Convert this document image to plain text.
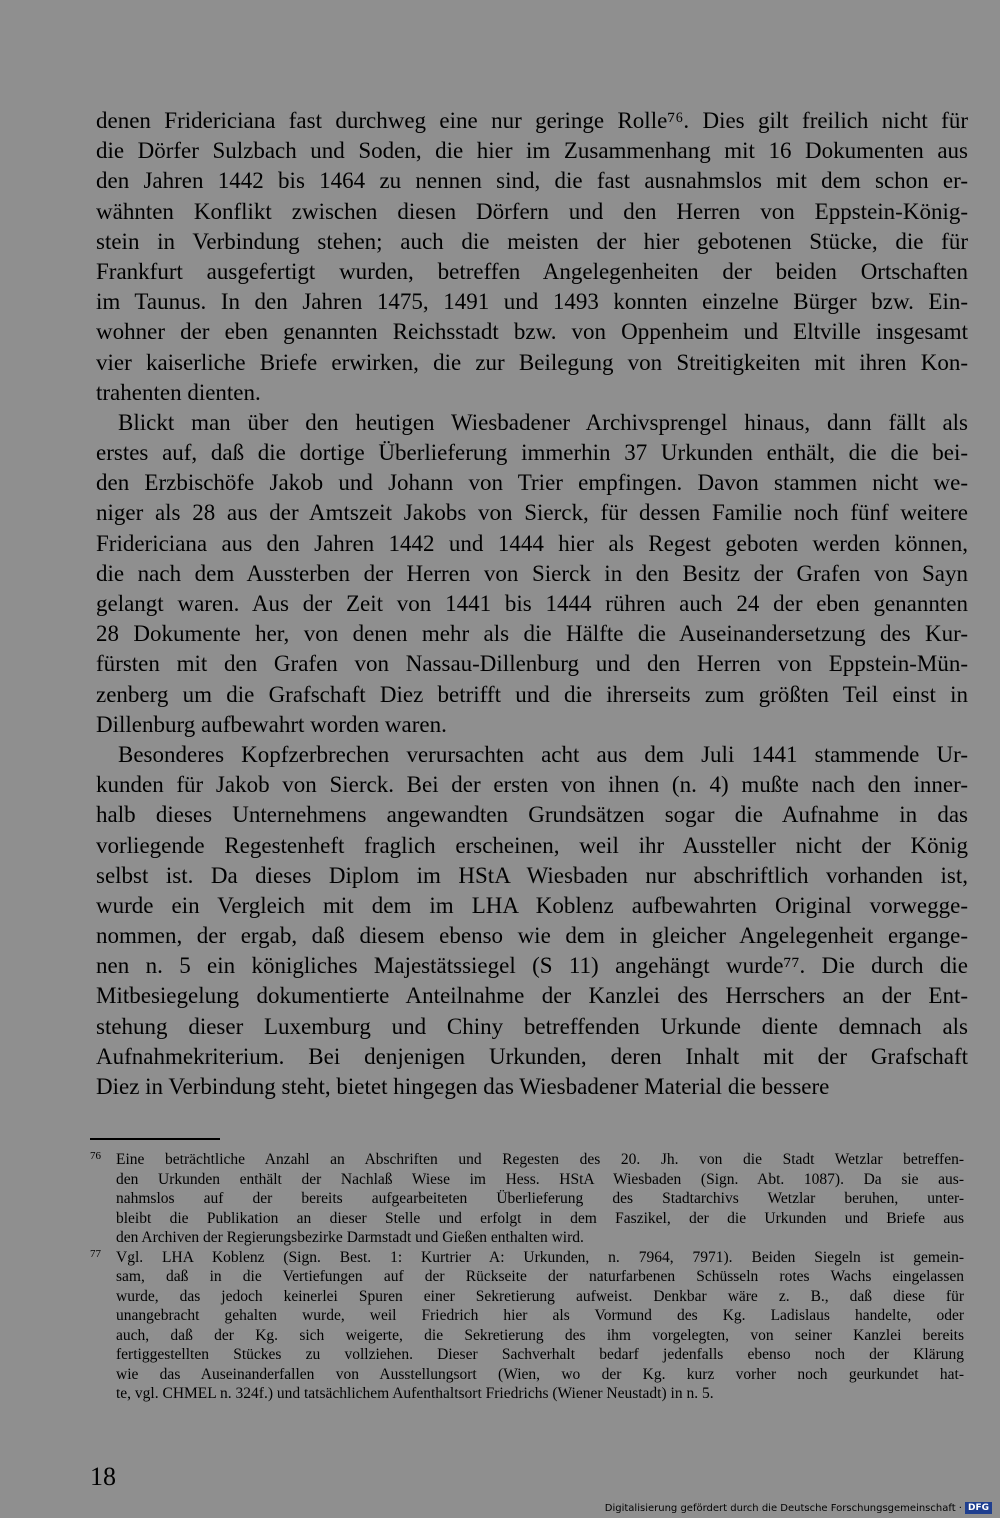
denen Fridericiana fast durchweg eine nur geringe Rolle⁷⁶. Dies gilt freilich nicht für
die Dörfer Sulzbach und Soden, die hier im Zusammenhang mit 16 Dokumenten aus
den Jahren 1442 bis 1464 zu nennen sind, die fast ausnahmslos mit dem schon er-
wähnten Konflikt zwischen diesen Dörfern und den Herren von Eppstein-König-
stein in Verbindung stehen; auch die meisten der hier gebotenen Stücke, die für
Frankfurt ausgefertigt wurden, betreffen Angelegenheiten der beiden Ortschaften
im Taunus. In den Jahren 1475, 1491 und 1493 konnten einzelne Bürger bzw. Ein-
wohner der eben genannten Reichsstadt bzw. von Oppenheim und Eltville insgesamt
vier kaiserliche Briefe erwirken, die zur Beilegung von Streitigkeiten mit ihren Kon-
trahenten dienten.
Blickt man über den heutigen Wiesbadener Archivsprengel hinaus, dann fällt als
erstes auf, daß die dortige Überlieferung immerhin 37 Urkunden enthält, die die bei-
den Erzbischöfe Jakob und Johann von Trier empfingen. Davon stammen nicht we-
niger als 28 aus der Amtszeit Jakobs von Sierck, für dessen Familie noch fünf weitere
Fridericiana aus den Jahren 1442 und 1444 hier als Regest geboten werden können,
die nach dem Aussterben der Herren von Sierck in den Besitz der Grafen von Sayn
gelangt waren. Aus der Zeit von 1441 bis 1444 rühren auch 24 der eben genannten
28 Dokumente her, von denen mehr als die Hälfte die Auseinandersetzung des Kur-
fürsten mit den Grafen von Nassau-Dillenburg und den Herren von Eppstein-Mün-
zenberg um die Grafschaft Diez betrifft und die ihrerseits zum größten Teil einst in
Dillenburg aufbewahrt worden waren.
Besonderes Kopfzerbrechen verursachten acht aus dem Juli 1441 stammende Ur-
kunden für Jakob von Sierck. Bei der ersten von ihnen (n. 4) mußte nach den inner-
halb dieses Unternehmens angewandten Grundsätzen sogar die Aufnahme in das
vorliegende Regestenheft fraglich erscheinen, weil ihr Aussteller nicht der König
selbst ist. Da dieses Diplom im HStA Wiesbaden nur abschriftlich vorhanden ist,
wurde ein Vergleich mit dem im LHA Koblenz aufbewahrten Original vorwegge-
nommen, der ergab, daß diesem ebenso wie dem in gleicher Angelegenheit ergange-
nen n. 5 ein königliches Majestätssiegel (S 11) angehängt wurde⁷⁷. Die durch die
Mitbesiegelung dokumentierte Anteilnahme der Kanzlei des Herrschers an der Ent-
stehung dieser Luxemburg und Chiny betreffenden Urkunde diente demnach als
Aufnahmekriterium. Bei denjenigen Urkunden, deren Inhalt mit der Grafschaft
Diez in Verbindung steht, bietet hingegen das Wiesbadener Material die bessere
76 Eine beträchtliche Anzahl an Abschriften und Regesten des 20. Jh. von die Stadt Wetzlar betreffen-
den Urkunden enthält der Nachlaß Wiese im Hess. HStA Wiesbaden (Sign. Abt. 1087). Da sie aus-
nahmslos auf der bereits aufgearbeiteten Überlieferung des Stadtarchivs Wetzlar beruhen, unter-
bleibt die Publikation an dieser Stelle und erfolgt in dem Faszikel, der die Urkunden und Briefe aus
den Archiven der Regierungsbezirke Darmstadt und Gießen enthalten wird.
77 Vgl. LHA Koblenz (Sign. Best. 1: Kurtrier A: Urkunden, n. 7964, 7971). Beiden Siegeln ist gemein-
sam, daß in die Vertiefungen auf der Rückseite der naturfarbenen Schüsseln rotes Wachs eingelassen
wurde, das jedoch keinerlei Spuren einer Sekretierung aufweist. Denkbar wäre z. B., daß diese für
unangebracht gehalten wurde, weil Friedrich hier als Vormund des Kg. Ladislaus handelte, oder
auch, daß der Kg. sich weigerte, die Sekretierung des ihm vorgelegten, von seiner Kanzlei bereits
fertiggestellten Stückes zu vollziehen. Dieser Sachverhalt bedarf jedenfalls ebenso noch der Klärung
wie das Auseinanderfallen von Ausstellungsort (Wien, wo der Kg. kurz vorher noch geurkundet hat-
te, vgl. CHMEL n. 324f.) und tatsächlichem Aufenthaltsort Friedrichs (Wiener Neustadt) in n. 5.
18
Digitalisierung gefördert durch die Deutsche Forschungsgemeinschaft · DFG
